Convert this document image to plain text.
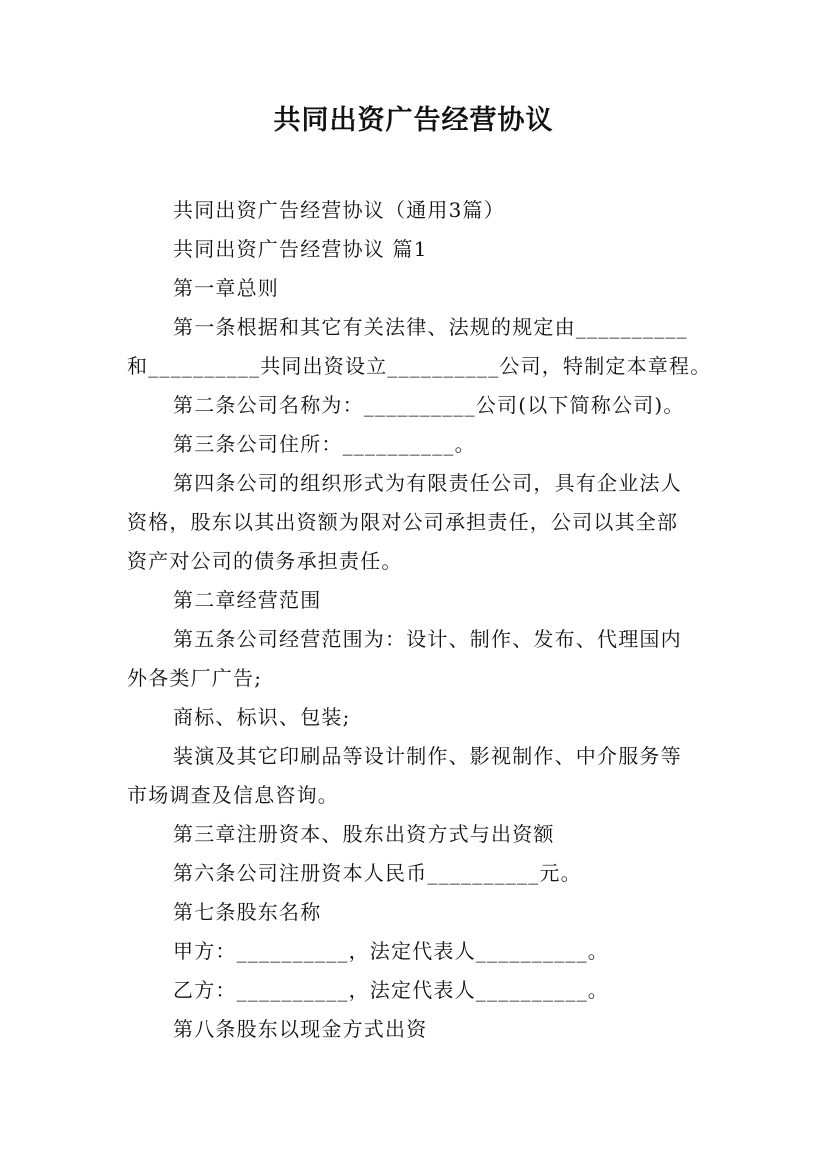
共同出资广告经营协议
共同出资广告经营协议（通用3篇）
共同出资广告经营协议 篇1
第一章总则
第一条根据和其它有关法律、法规的规定由__________
和__________共同出资设立__________公司，特制定本章程。
第二条公司名称为：__________公司(以下简称公司)。
第三条公司住所：__________。
第四条公司的组织形式为有限责任公司，具有企业法人
资格，股东以其出资额为限对公司承担责任，公司以其全部
资产对公司的债务承担责任。
第二章经营范围
第五条公司经营范围为：设计、制作、发布、代理国内
外各类厂广告;
商标、标识、包装;
装演及其它印刷品等设计制作、影视制作、中介服务等
市场调查及信息咨询。
第三章注册资本、股东出资方式与出资额
第六条公司注册资本人民币__________元。
第七条股东名称
甲方：__________，法定代表人__________。
乙方：__________，法定代表人__________。
第八条股东以现金方式出资
